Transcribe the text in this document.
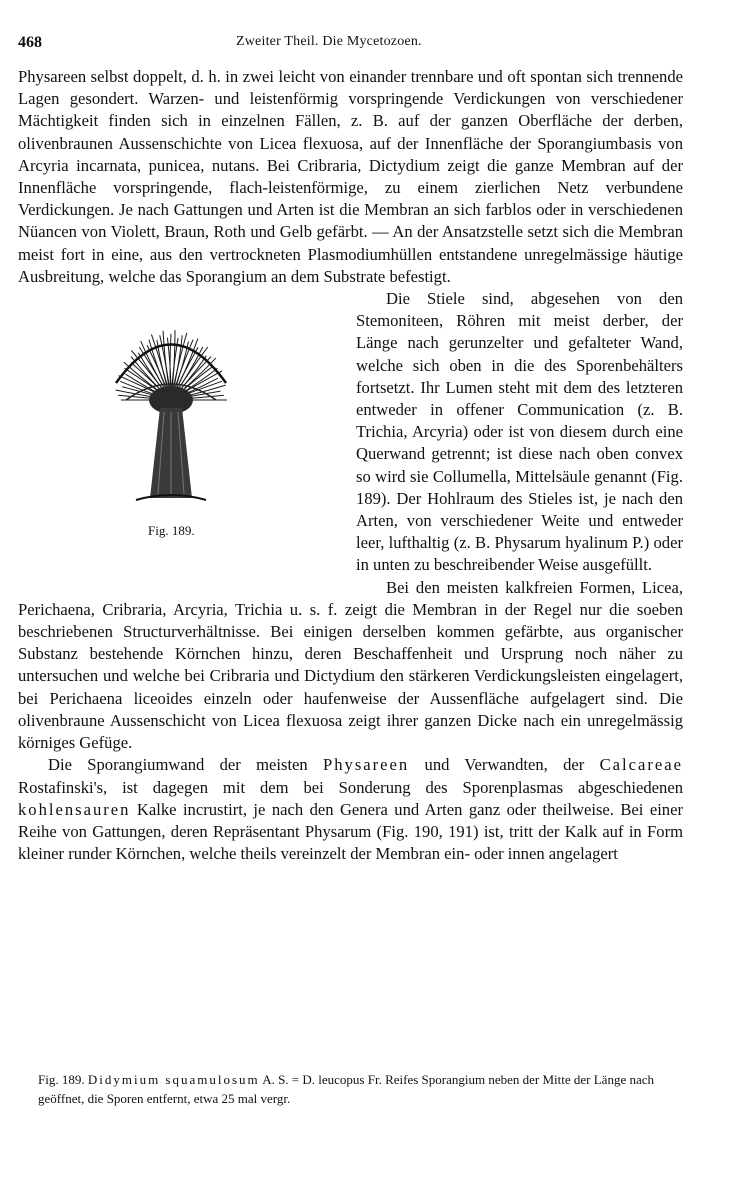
468	Zweiter Theil. Die Mycetozoen.

Physareen selbst doppelt, d. h. in zwei leicht von einander trennbare und oft spontan sich trennende Lagen gesondert. Warzen- und leistenförmig vorspringende Verdickungen von verschiedener Mächtigkeit finden sich in einzelnen Fällen, z. B. auf der ganzen Oberfläche der derben, olivenbraunen Aussenschichte von Licea flexuosa, auf der Innenfläche der Sporangiumbasis von Arcyria incarnata, punicea, nutans. Bei Cribraria, Dictydium zeigt die ganze Membran auf der Innenfläche vorspringende, flach-leistenförmige, zu einem zierlichen Netz verbundene Verdickungen. Je nach Gattungen und Arten ist die Membran an sich farblos oder in verschiedenen Nüancen von Violett, Braun, Roth und Gelb gefärbt. — An der Ansatzstelle setzt sich die Membran meist fort in eine, aus den vertrockneten Plasmodiumhüllen entstandene unregelmässige häutige Ausbreitung, welche das Sporangium an dem Substrate befestigt.

Fig. 189.

Die Stiele sind, abgesehen von den Stemoniteen, Röhren mit meist derber, der Länge nach gerunzelter und gefalteter Wand, welche sich oben in die des Sporenbehälters fortsetzt. Ihr Lumen steht mit dem des letzteren entweder in offener Communication (z. B. Trichia, Arcyria) oder ist von diesem durch eine Querwand getrennt; ist diese nach oben convex so wird sie Collumella, Mittelsäule genannt (Fig. 189). Der Hohlraum des Stieles ist, je nach den Arten, von verschiedener Weite und entweder leer, lufthaltig (z. B. Physarum hyalinum P.) oder in unten zu beschreibender Weise ausgefüllt.

Bei den meisten kalkfreien Formen, Licea, Perichaena, Cribraria, Arcyria, Trichia u. s. f. zeigt die Membran in der Regel nur die soeben beschriebenen Structurverhältnisse. Bei einigen derselben kommen gefärbte, aus organischer Substanz bestehende Körnchen hinzu, deren Beschaffenheit und Ursprung noch näher zu untersuchen und welche bei Cribraria und Dictydium den stärkeren Verdickungsleisten eingelagert, bei Perichaena liceoides einzeln oder haufenweise der Aussenfläche aufgelagert sind. Die olivenbraune Aussenschicht von Licea flexuosa zeigt ihrer ganzen Dicke nach ein unregelmässig körniges Gefüge.

Die Sporangiumwand der meisten Physareen und Verwandten, der Calcareae Rostafinski's, ist dagegen mit dem bei Sonderung des Sporenplasmas abgeschiedenen kohlensauren Kalke incrustirt, je nach den Genera und Arten ganz oder theilweise. Bei einer Reihe von Gattungen, deren Repräsentant Physarum (Fig. 190, 191) ist, tritt der Kalk auf in Form kleiner runder Körnchen, welche theils vereinzelt der Membran ein- oder innen angelagert

Fig. 189. Didymium squamulosum A. S. = D. leucopus Fr. Reifes Sporangium neben der Mitte der Länge nach geöffnet, die Sporen entfernt, etwa 25 mal vergr.
